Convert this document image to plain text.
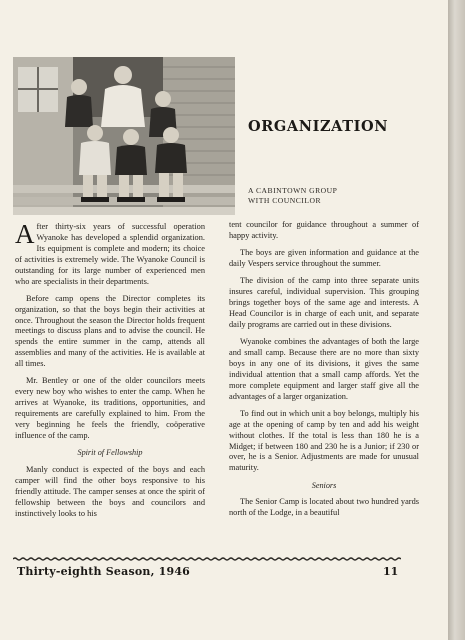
ORGANIZATION
A CABINTOWN GROUP
WITH COUNCILOR

After thirty-six years of successful operation Wyanoke has developed a splendid organization. Its equipment is complete and modern; its choice of activities is extremely wide. The Wyanoke Council is outstanding for its large number of experienced men who are specialists in their departments.

Before camp opens the Director completes its organization, so that the boys begin their activities at once. Throughout the season the Director holds frequent meetings to discuss plans and to advise the council. He spends the entire summer in the camp, attends all assemblies and many of the activities. He is available at all times.

Mr. Bentley or one of the older councilors meets every new boy who wishes to enter the camp. When he arrives at Wyanoke, its traditions, opportunities, and requirements are carefully explained to him. From the very beginning he feels the friendly, coöperative influence of the camp.

Spirit of Fellowship

Manly conduct is expected of the boys and each camper will find the other boys responsive to his friendly attitude. The camper senses at once the spirit of fellowship between the boys and councilors and instinctively looks to his

tent councilor for guidance throughout a summer of happy activity.

The boys are given information and guidance at the daily Vespers service throughout the summer.

The division of the camp into three separate units insures careful, individual supervision. This grouping brings together boys of the same age and interests. A Head Councilor is in charge of each unit, and separate daily programs are carried out in these divisions.

Wyanoke combines the advantages of both the large and small camp. Because there are no more than sixty boys in any one of its divisions, it gives the same individual attention that a small camp affords. Yet the more complete equipment and larger staff give all the advantages of a larger organization.

To find out in which unit a boy belongs, multiply his age at the opening of camp by ten and add his weight without clothes. If the total is less than 180 he is a Midget; if between 180 and 230 he is a Junior; if 230 or over, he is a Senior. Adjustments are made for unusual maturity.

Seniors

The Senior Camp is located about two hundred yards north of the Lodge, in a beautiful

Thirty-eighth Season, 1946	11
